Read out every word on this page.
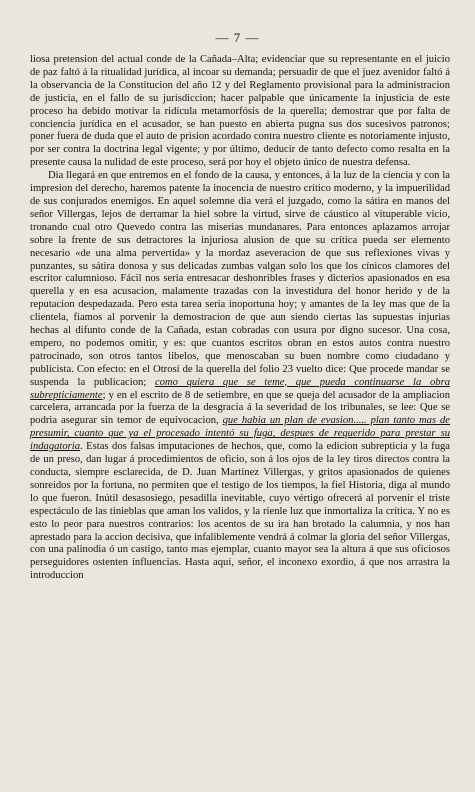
— 7 —

liosa pretension del actual conde de la Cañada–Alta; evidenciar que su representante en el juicio de paz faltó á la ritualidad jurídica, al incoar su demanda; persuadir de que el juez avenidor faltó á la observancia de la Constitucion del año 12 y del Reglamento provisional para la administracion de justicia, en el fallo de su jurisdiccion; hacer palpable que únicamente la injusticia de este proceso ha debido motivar la ridícula metamorfósis de la querella; demostrar que por falta de conciencia jurídica en el acusador, se han puesto en abierta pugna sus dos sucesivos patronos; poner fuera de duda que el auto de prision acordado contra nuestro cliente es notoriamente injusto, por ser contra la doctrina legal vigente; y por último, deducir de tanto defecto como resalta en la presente causa la nulidad de este proceso, será por hoy el objeto único de nuestra defensa.

Dia llegará en que entremos en el fondo de la causa, y entonces, á la luz de la ciencia y con la impresion del derecho, haremos patente la inocencia de nuestro crítico moderno, y la impuerilidad de sus conjurados enemigos. En aquel solemne dia verá el juzgado, como la sátira en manos del señor Villergas, lejos de derramar la hiel sobre la virtud, sirve de cáustico al vituperable vicio, tronando cual otro Quevedo contra las miserias mundanares. Para entonces aplazamos arrojar sobre la frente de sus detractores la injuriosa alusion de que su crítica pueda ser elemento necesario «de una alma pervertida» y la mordaz aseveracion de que sus reflexiones vivas y punzantes, su sátira donosa y sus delicadas zumbas valgan solo los que los cínicos clamores del escritor calumnioso. Fácil nos seria entresacar deshonribles frases y dicterios apasionados en esa querella y en esa acusacion, malamente trazadas con la investidura del honor herido y de la reputacion despedazada. Pero esta tarea seria inoportuna hoy; y amantes de la ley mas que de la clientela, fiamos al porvenir la demostracion de que aun siendo ciertas las supuestas injurias hechas al difunto conde de la Cañada, estan cobradas con usura por digno sucesor. Una cosa, empero, no podemos omitir, y es: que cuantos escritos obran en estos autos contra nuestro patrocinado, son otros tantos libelos, que menoscaban su buen nombre como ciudadano y publicista. Con efecto: en el Otrosí de la querella del folio 23 vuelto dice: Que procede mandar se suspenda la publicacion; como quiera que se teme, que pueda continuarse la obra subrepticiamente; y en el escrito de 8 de setiembre, en que se queja del acusador de la ampliacion carcelera, arrancada por la fuerza de la desgracia á la severidad de los tribunales, se lee: Que se podria asegurar sin temor de equivocacion, que habia un plan de evasion..... plan tanto mas de presumir, cuanto que ya el procesado intentó su fuga, despues de requerido para prestar su indagatoria. Estas dos falsas imputaciones de hechos, que, como la edicion subrepticia y la fuga de un preso, dan lugar á procedimientos de oficio, son á los ojos de la ley tiros directos contra la conducta, siempre esclarecida, de D. Juan Martinez Villergas, y gritos apasionados de quienes sonreidos por la fortuna, no permiten que el testigo de los tiempos, la fiel Historia, diga al mundo lo que fueron. Inútil desasosiego, pesadilla inevitable, cuyo vértigo ofrecerá al porvenir el triste espectáculo de las tinieblas que aman los validos, y la rienle luz que inmortaliza la crítica. Y no es esto lo peor para nuestros contrarios: los acentos de su ira han brotado la calumnia, y nos han aprestado para la accion decisiva, que infaliblemente vendrá á colmar la gloria del señor Villergas, con una palinodia ó un castigo, tanto mas ejemplar, cuanto mayor sea la altura á que sus oficiosos perseguidores ostenten influencias. Hasta aquí, señor, el inconexo exordio, á que nos arrastra la introduccion
